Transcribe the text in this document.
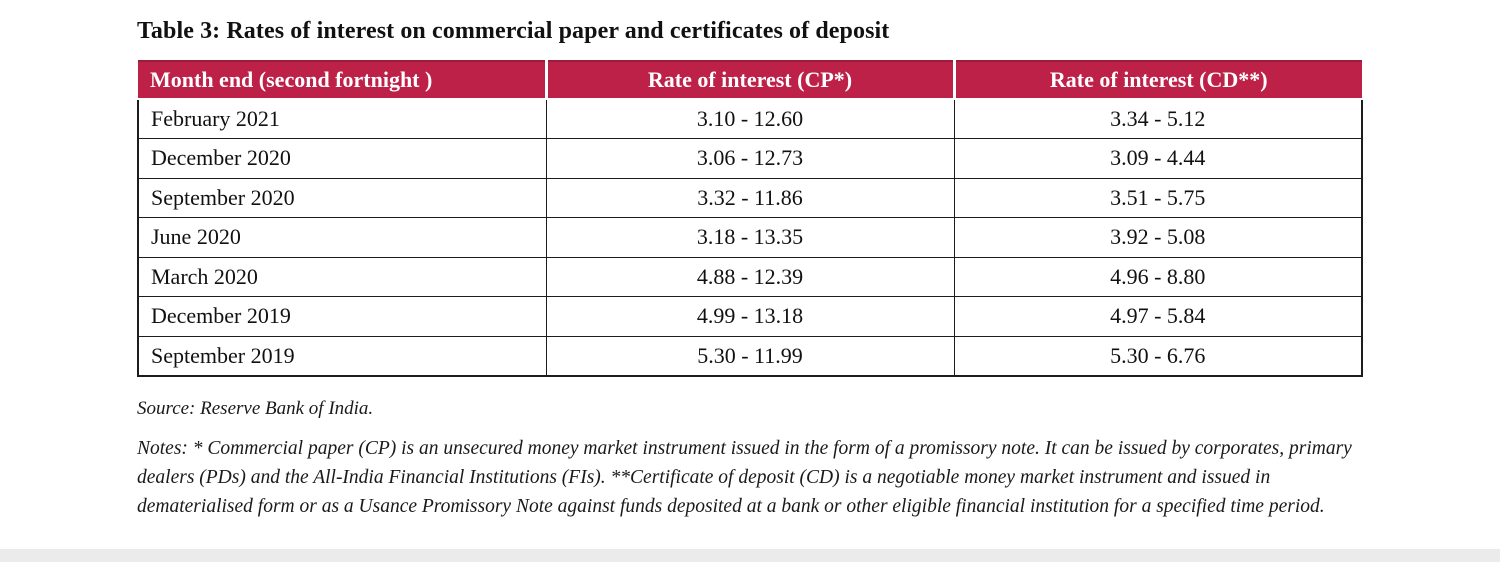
Table 3: Rates of interest on commercial paper and certificates of deposit
Month end (second fortnight )	Rate of interest (CP*)	Rate of interest (CD**)
February 2021	3.10 - 12.60	3.34 - 5.12
December 2020	3.06 - 12.73	3.09 - 4.44
September 2020	3.32 - 11.86	3.51 - 5.75
June 2020	3.18 - 13.35	3.92 - 5.08
March 2020	4.88 - 12.39	4.96 - 8.80
December 2019	4.99 - 13.18	4.97 - 5.84
September 2019	5.30 - 11.99	5.30 - 6.76
Source: Reserve Bank of India.
Notes: * Commercial paper (CP) is an unsecured money market instrument issued in the form of a promissory note. It can be issued by corporates, primary dealers (PDs) and the All-India Financial Institutions (FIs). **Certificate of deposit (CD) is a negotiable money market instrument and issued in dematerialised form or as a Usance Promissory Note against funds deposited at a bank or other eligible financial institution for a specified time period.
